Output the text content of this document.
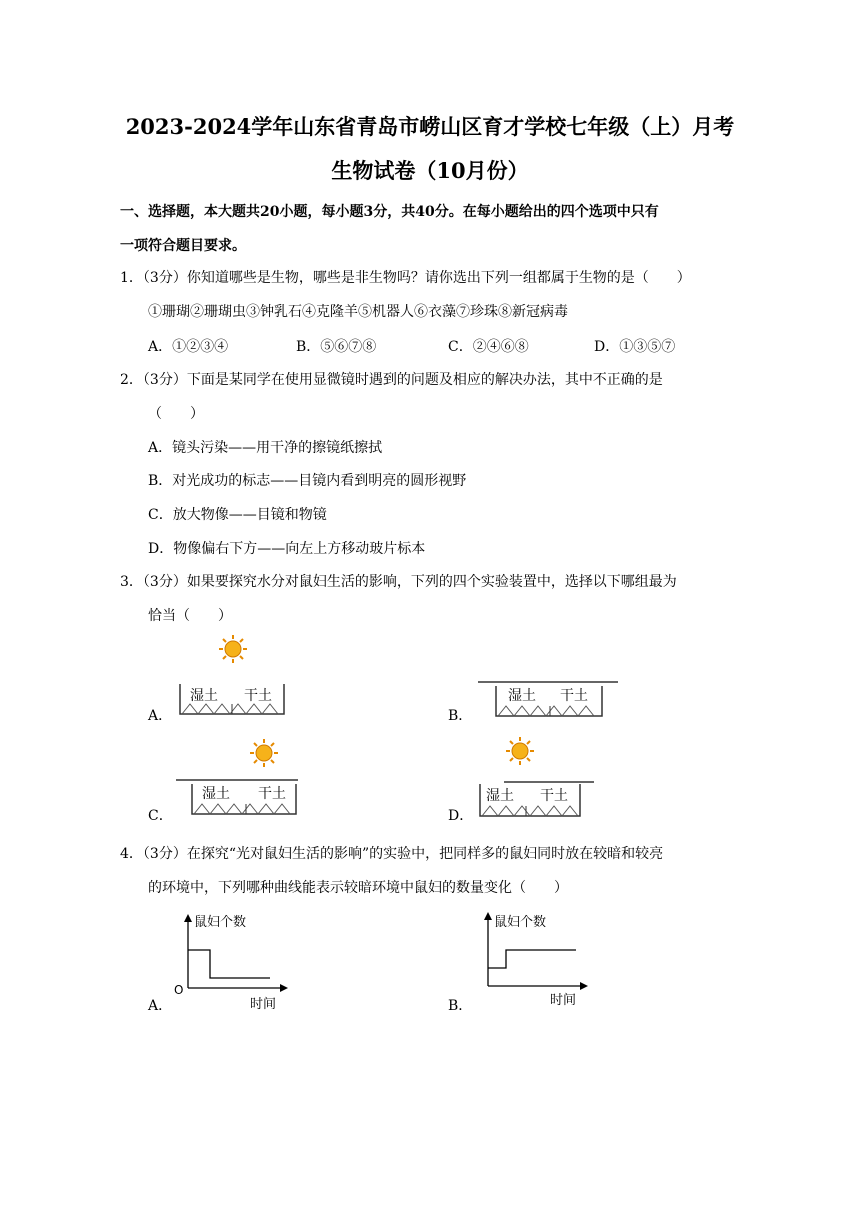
2023-2024学年山东省青岛市崂山区育才学校七年级（上）月考
生物试卷（10月份）
一、选择题，本大题共20小题，每小题3分，共40分。在每小题给出的四个选项中只有
一项符合题目要求。
1．（3分）你知道哪些是生物，哪些是非生物吗？请你选出下列一组都属于生物的是（　　）
①珊瑚②珊瑚虫③钟乳石④克隆羊⑤机器人⑥衣藻⑦珍珠⑧新冠病毒
A．①②③④	B．⑤⑥⑦⑧	C．②④⑥⑧	D．①③⑤⑦
2．（3分）下面是某同学在使用显微镜时遇到的问题及相应的解决办法，其中不正确的是
（　　）
A．镜头污染——用干净的擦镜纸擦拭
B．对光成功的标志——目镜内看到明亮的圆形视野
C．放大物像——目镜和物镜
D．物像偏右下方——向左上方移动玻片标本
3．（3分）如果要探究水分对鼠妇生活的影响，下列的四个实验装置中，选择以下哪组最为
恰当（　　）
A．
湿土 干土
B．
湿土 干土
C．
湿土 干土
D．
湿土 干土
4．（3分）在探究“光对鼠妇生活的影响”的实验中，把同样多的鼠妇同时放在较暗和较亮
的环境中，下列哪种曲线能表示较暗环境中鼠妇的数量变化（　　）
A．
鼠妇个数
时间
O
B．
鼠妇个数
时间
